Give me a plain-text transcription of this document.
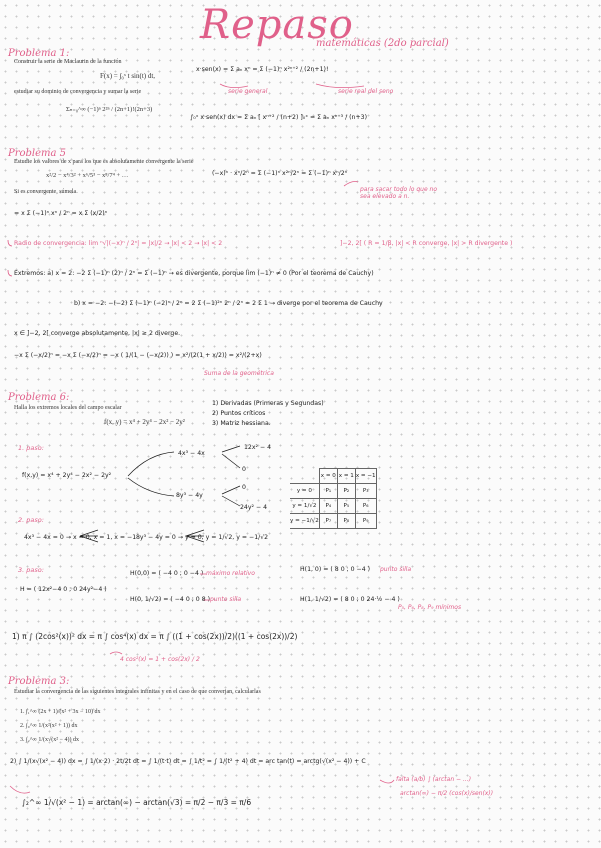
Repaso
matemáticas (2do parcial)
Problema 1:
Construir la serie de Maclaurin de la función
F(x) = ∫₀ˣ t sin(t) dt,
estudiar su dominio de convergencia y sumar la serie
Σₙ₌₀^∞ (−1)ⁿ 2²ⁿ / (2n+1)!(2n+3)
x·sen(x) = Σ aₙ xⁿ = Σ (−1)ⁿ x²ⁿ⁺² / (2n+1)!
serie general	serie real del seno
∫₀ˣ x·sen(x) dx = Σ aₙ [ xⁿ⁺² / (n+2) ]₀ˣ = Σ aₙ xⁿ⁺³ / (n+3)
Problema 5
Estudie los valores de x para los que es absolutamente convergente la serie
x²/2 − x⁴/3² + x⁶/5³ − x⁸/7⁴ + …
Si es convergente, súmela.
(−x)ⁿ · xⁿ/2ⁿ = Σ (−1)ⁿ x²ⁿ/2ⁿ = Σ (−1)ⁿ xⁿ/2ⁿ
para sacar todo lo que no sea elevado a n.
= x Σ (−1)ⁿ xⁿ / 2ⁿ = x Σ (x/2)ⁿ
Radio de convergencia: lim ⁿ√|(−x)ⁿ / 2ⁿ| = |x|/2 → |x| < 2 → |x| < 2	]−2, 2[ ( R = 1/β, |x| < R converge, |x| > R divergente )
Extremos: a) x = 2: −2 Σ (−1)ⁿ (2)ⁿ / 2ⁿ = Σ (−1)ⁿ → es divergente, porque lim (−1)ⁿ ≠ 0 (Por el teorema de Cauchy)
b) x = −2: −(−2) Σ (−1)ⁿ (−2)ⁿ / 2ⁿ = 2 Σ (−1)²ⁿ 2ⁿ / 2ⁿ = 2 Σ 1 → diverge por el teorema de Cauchy
x ∈ ]−2, 2[ converge absolutamente, |x| ≥ 2 diverge.
−x Σ (−x/2)ⁿ = −x Σ (−x/2)ⁿ = −x ( 1/(1 − (−x/2)) ) = x²/(2(1 + x/2)) = x²/(2+x)
Suma de la geométrica
Problema 6:
Halla los extremos locales del campo escalar
f(x, y) = x⁴ + 2y⁴ − 2x² − 2y²
1) Derivadas (Primeras y Segundas)
2) Puntos críticos
3) Matriz hessiana.
1. paso:
f(x,y) = x⁴ + 2y⁴ − 2x² − 2y²
4x³ − 4x
12x² − 4
0
0
8y³ − 4y
24y² − 4
	x = 0	x = 1	x = −1
y = 0	P₁	P₂	P₃
y = 1/√2	P₄	P₅	P₆
y = −1/√2	P₇	P₈	P₉
2. paso:
4x³ − 4x = 0 → x = 0, x = 1, x = −1 8y³ − 4y = 0 → y = 0, y = 1/√2, y = −1/√2
3. paso:
H = ( 12x²−4 0 ; 0 24y²−4 )
H(0,0) = ( −4 0 ; 0 −4 ) máximo relativo
H(0, 1/√2) = ( −4 0 ; 0 8 ) punto silla
H(1, 0) = ( 8 0 ; 0 −4 ) punto silla
H(1, 1/√2) = ( 8 0 ; 0 24·½ − 4 )
P₅, P₆, P₈, P₉ mínimos
1) π ∫ (2cos²(x))² dx = π ∫ cos⁴(x) dx = π ∫ ((1 + cos(2x))/2)((1 + cos(2x))/2)
4 cos²(x) = 1 + cos(2x) / 2
Problema 3:
Estudiar la convergencia de las siguientes integrales infinitas y en el caso de que converjan, calcularlas
1. ∫₁^∞ (2x + 1)/(x² + 3x − 10) dx
2. ∫₀^∞ 1/(x²(x² + 1)) dx
3. ∫₂^∞ 1/(x√(x² − 4)) dx
2) ∫ 1/(x√(x² − 4)) dx = ∫ 1/(x·2) · 2t/2t dt = ∫ 1/(t·t) dt = ∫ 1/t² = ∫ 1/(t² + 4) dt = arc tan(t) = arctg(√(x² − 4)) + C
falta (a/b) ∫ (arctan − ...)
∫₂^∞ 1/√(x² − 1) = arctan(∞) − arctan(√3) = π/2 − π/3 = π/6
arctan(∞) − π/2 (cos(x)/sen(x))
